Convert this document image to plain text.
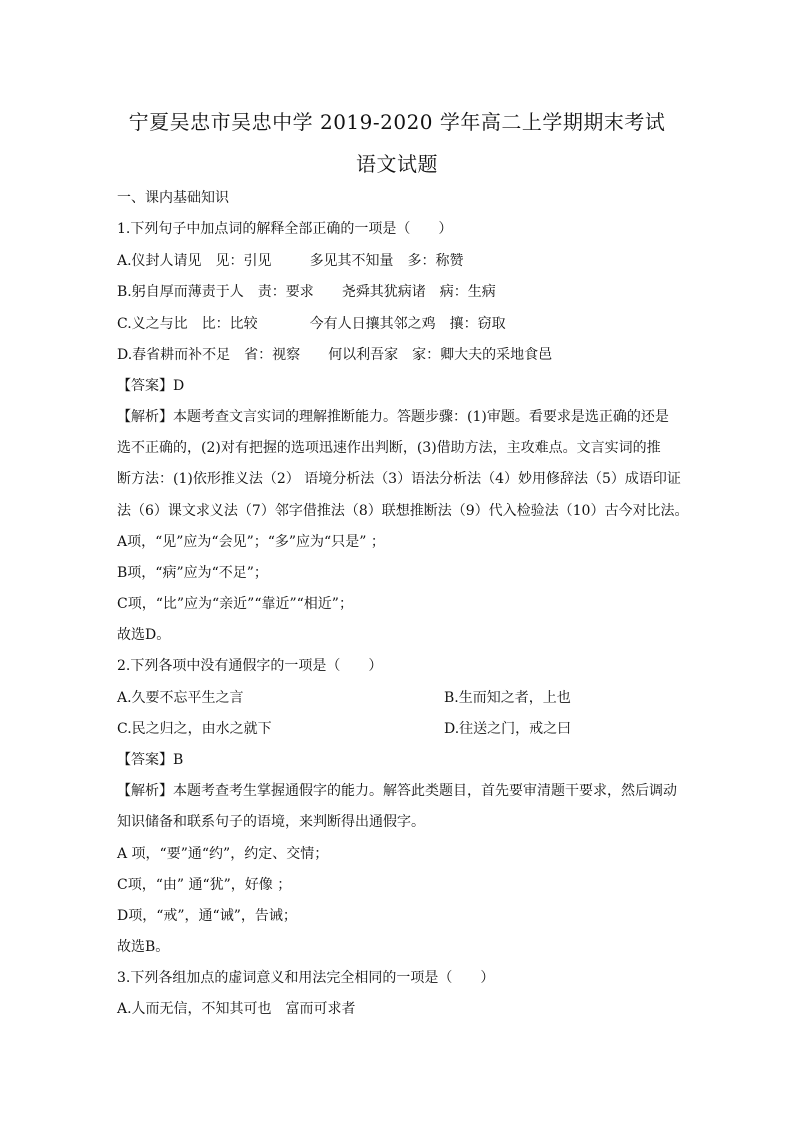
宁夏吴忠市吴忠中学 2019-2020 学年高二上学期期末考试
语文试题
一、课内基础知识
1.下列句子中加点词的解释全部正确的一项是（　　）
A.仪封人请见　见：引见	多见其不知量　多：称赞
B.躬自厚而薄责于人　责：要求 尧舜其犹病诸　病：生病
C.义之与比　比：比较	今有人日攘其邻之鸡　攘：窃取
D.春省耕而补不足　省：视察 何以利吾家　家：卿大夫的采地食邑
【答案】D
【解析】本题考查文言实词的理解推断能力。答题步骤：(1)审题。看要求是选正确的还是
选不正确的，(2)对有把握的选项迅速作出判断，(3)借助方法，主攻难点。文言实词的推
断方法：(1)依形推义法（2） 语境分析法（3）语法分析法（4）妙用修辞法（5）成语印证
法（6）课文求义法（7）邻字借推法（8）联想推断法（9）代入检验法（10）古今对比法。
A项，“见”应为“会见”；“多”应为“只是” ；
B项，“病”应为“不足”；
C项，“比”应为“亲近”“靠近”“相近”；
故选D。
2.下列各项中没有通假字的一项是（　　）
A.久要不忘平生之言	B.生而知之者，上也
C.民之归之，由水之就下	D.往送之门，戒之曰
【答案】B
【解析】本题考查考生掌握通假字的能力。解答此类题目，首先要审清题干要求，然后调动
知识储备和联系句子的语境，来判断得出通假字。
A 项，“要”通“约”，约定、交情；
C项，“由” 通“犹”，好像 ；
D项，“戒”，通“诫”，告诫；
故选B。
3.下列各组加点的虚词意义和用法完全相同的一项是（　　）
A.人而无信，不知其可也　富而可求者
